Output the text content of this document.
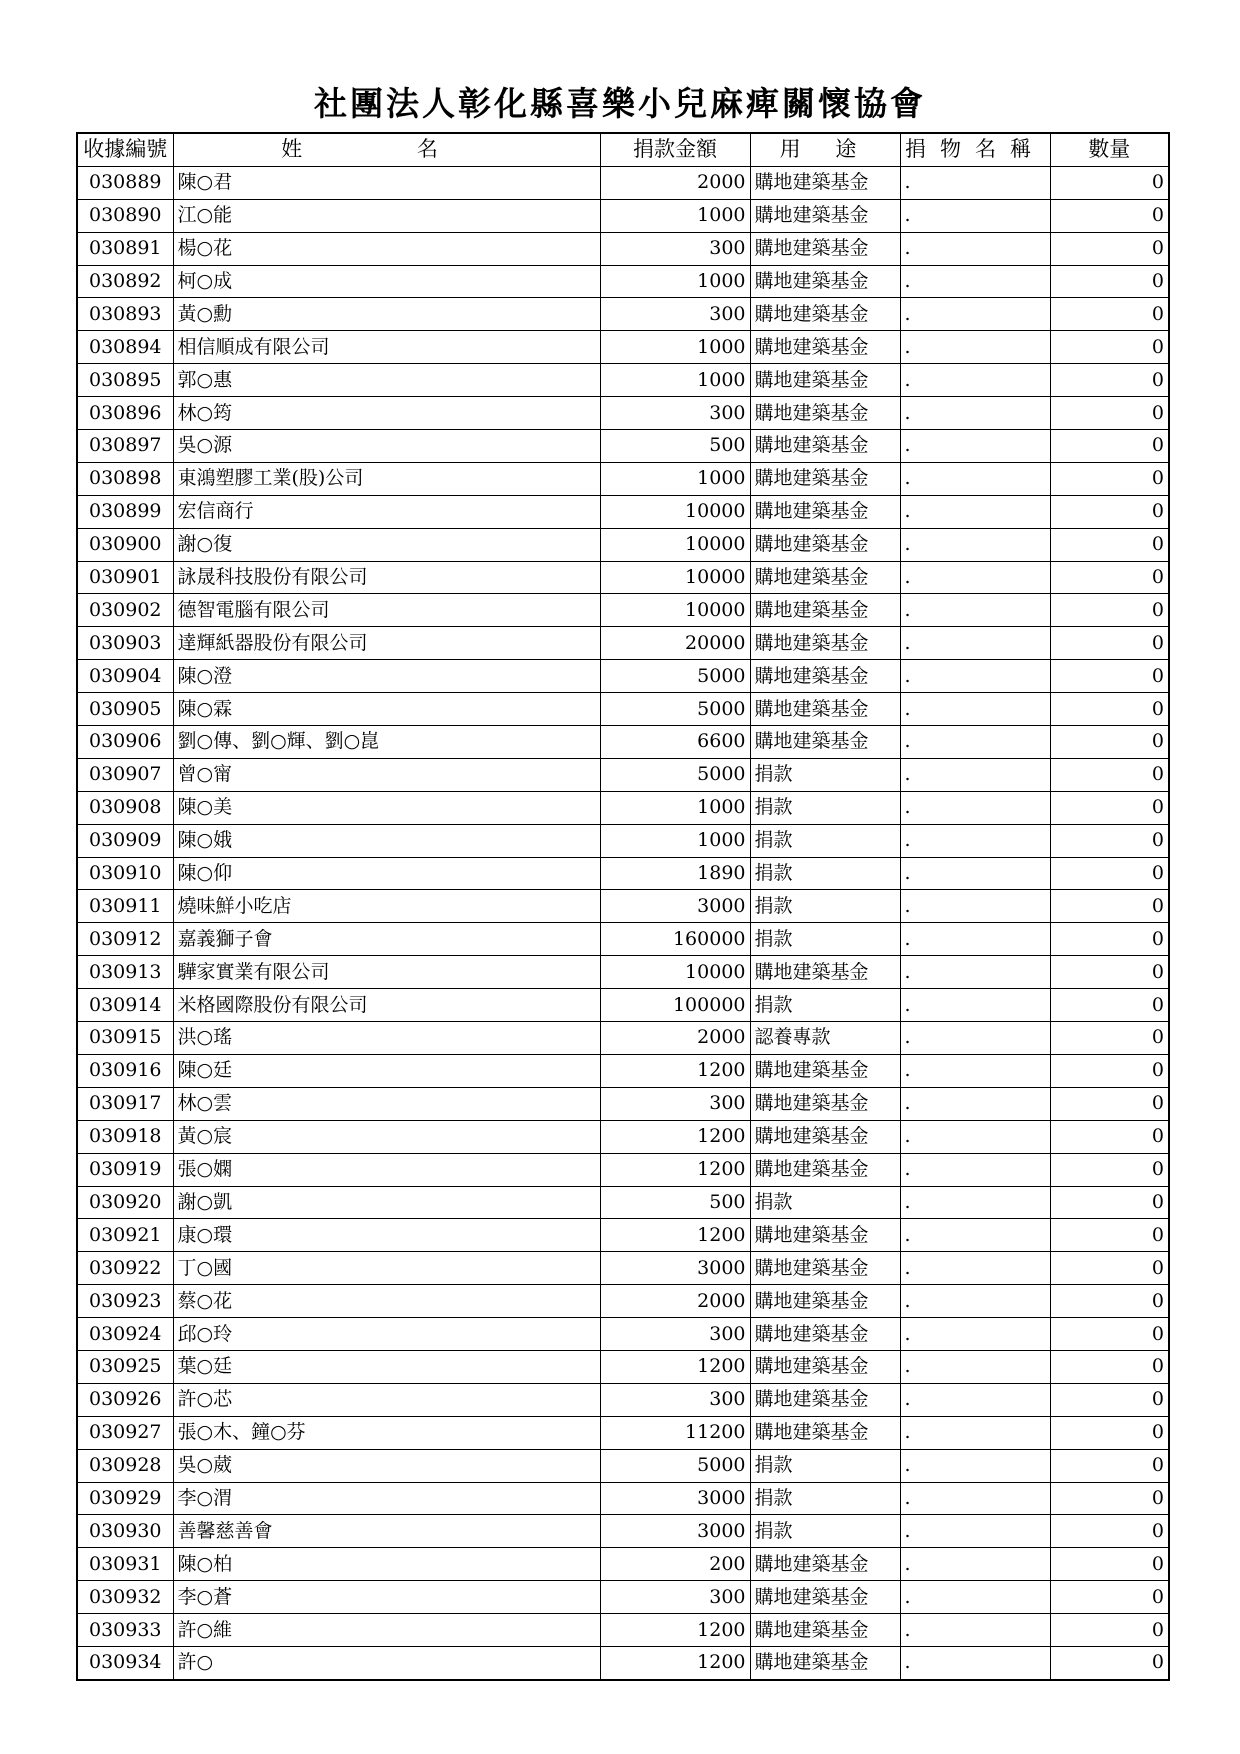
社團法人彰化縣喜樂小兒麻痺關懷協會
收據編號	姓 名	捐款金額	用 途	捐物名稱	數量
030889	陳○君	2000	購地建築基金	.	0
030890	江○能	1000	購地建築基金	.	0
030891	楊○花	300	購地建築基金	.	0
030892	柯○成	1000	購地建築基金	.	0
030893	黃○勳	300	購地建築基金	.	0
030894	相信順成有限公司	1000	購地建築基金	.	0
030895	郭○惠	1000	購地建築基金	.	0
030896	林○筠	300	購地建築基金	.	0
030897	吳○源	500	購地建築基金	.	0
030898	東鴻塑膠工業(股)公司	1000	購地建築基金	.	0
030899	宏信商行	10000	購地建築基金	.	0
030900	謝○復	10000	購地建築基金	.	0
030901	詠晟科技股份有限公司	10000	購地建築基金	.	0
030902	德智電腦有限公司	10000	購地建築基金	.	0
030903	達輝紙器股份有限公司	20000	購地建築基金	.	0
030904	陳○澄	5000	購地建築基金	.	0
030905	陳○霖	5000	購地建築基金	.	0
030906	劉○傳、劉○輝、劉○崑	6600	購地建築基金	.	0
030907	曾○甯	5000	捐款	.	0
030908	陳○美	1000	捐款	.	0
030909	陳○娥	1000	捐款	.	0
030910	陳○仰	1890	捐款	.	0
030911	燒味鮮小吃店	3000	捐款	.	0
030912	嘉義獅子會	160000	捐款	.	0
030913	驊家實業有限公司	10000	購地建築基金	.	0
030914	米格國際股份有限公司	100000	捐款	.	0
030915	洪○瑤	2000	認養專款	.	0
030916	陳○廷	1200	購地建築基金	.	0
030917	林○雲	300	購地建築基金	.	0
030918	黃○宸	1200	購地建築基金	.	0
030919	張○嫻	1200	購地建築基金	.	0
030920	謝○凱	500	捐款	.	0
030921	康○環	1200	購地建築基金	.	0
030922	丁○國	3000	購地建築基金	.	0
030923	蔡○花	2000	購地建築基金	.	0
030924	邱○玲	300	購地建築基金	.	0
030925	葉○廷	1200	購地建築基金	.	0
030926	許○芯	300	購地建築基金	.	0
030927	張○木、鐘○芬	11200	購地建築基金	.	0
030928	吳○葳	5000	捐款	.	0
030929	李○渭	3000	捐款	.	0
030930	善馨慈善會	3000	捐款	.	0
030931	陳○柏	200	購地建築基金	.	0
030932	李○蒼	300	購地建築基金	.	0
030933	許○維	1200	購地建築基金	.	0
030934	許○	1200	購地建築基金	.	0
